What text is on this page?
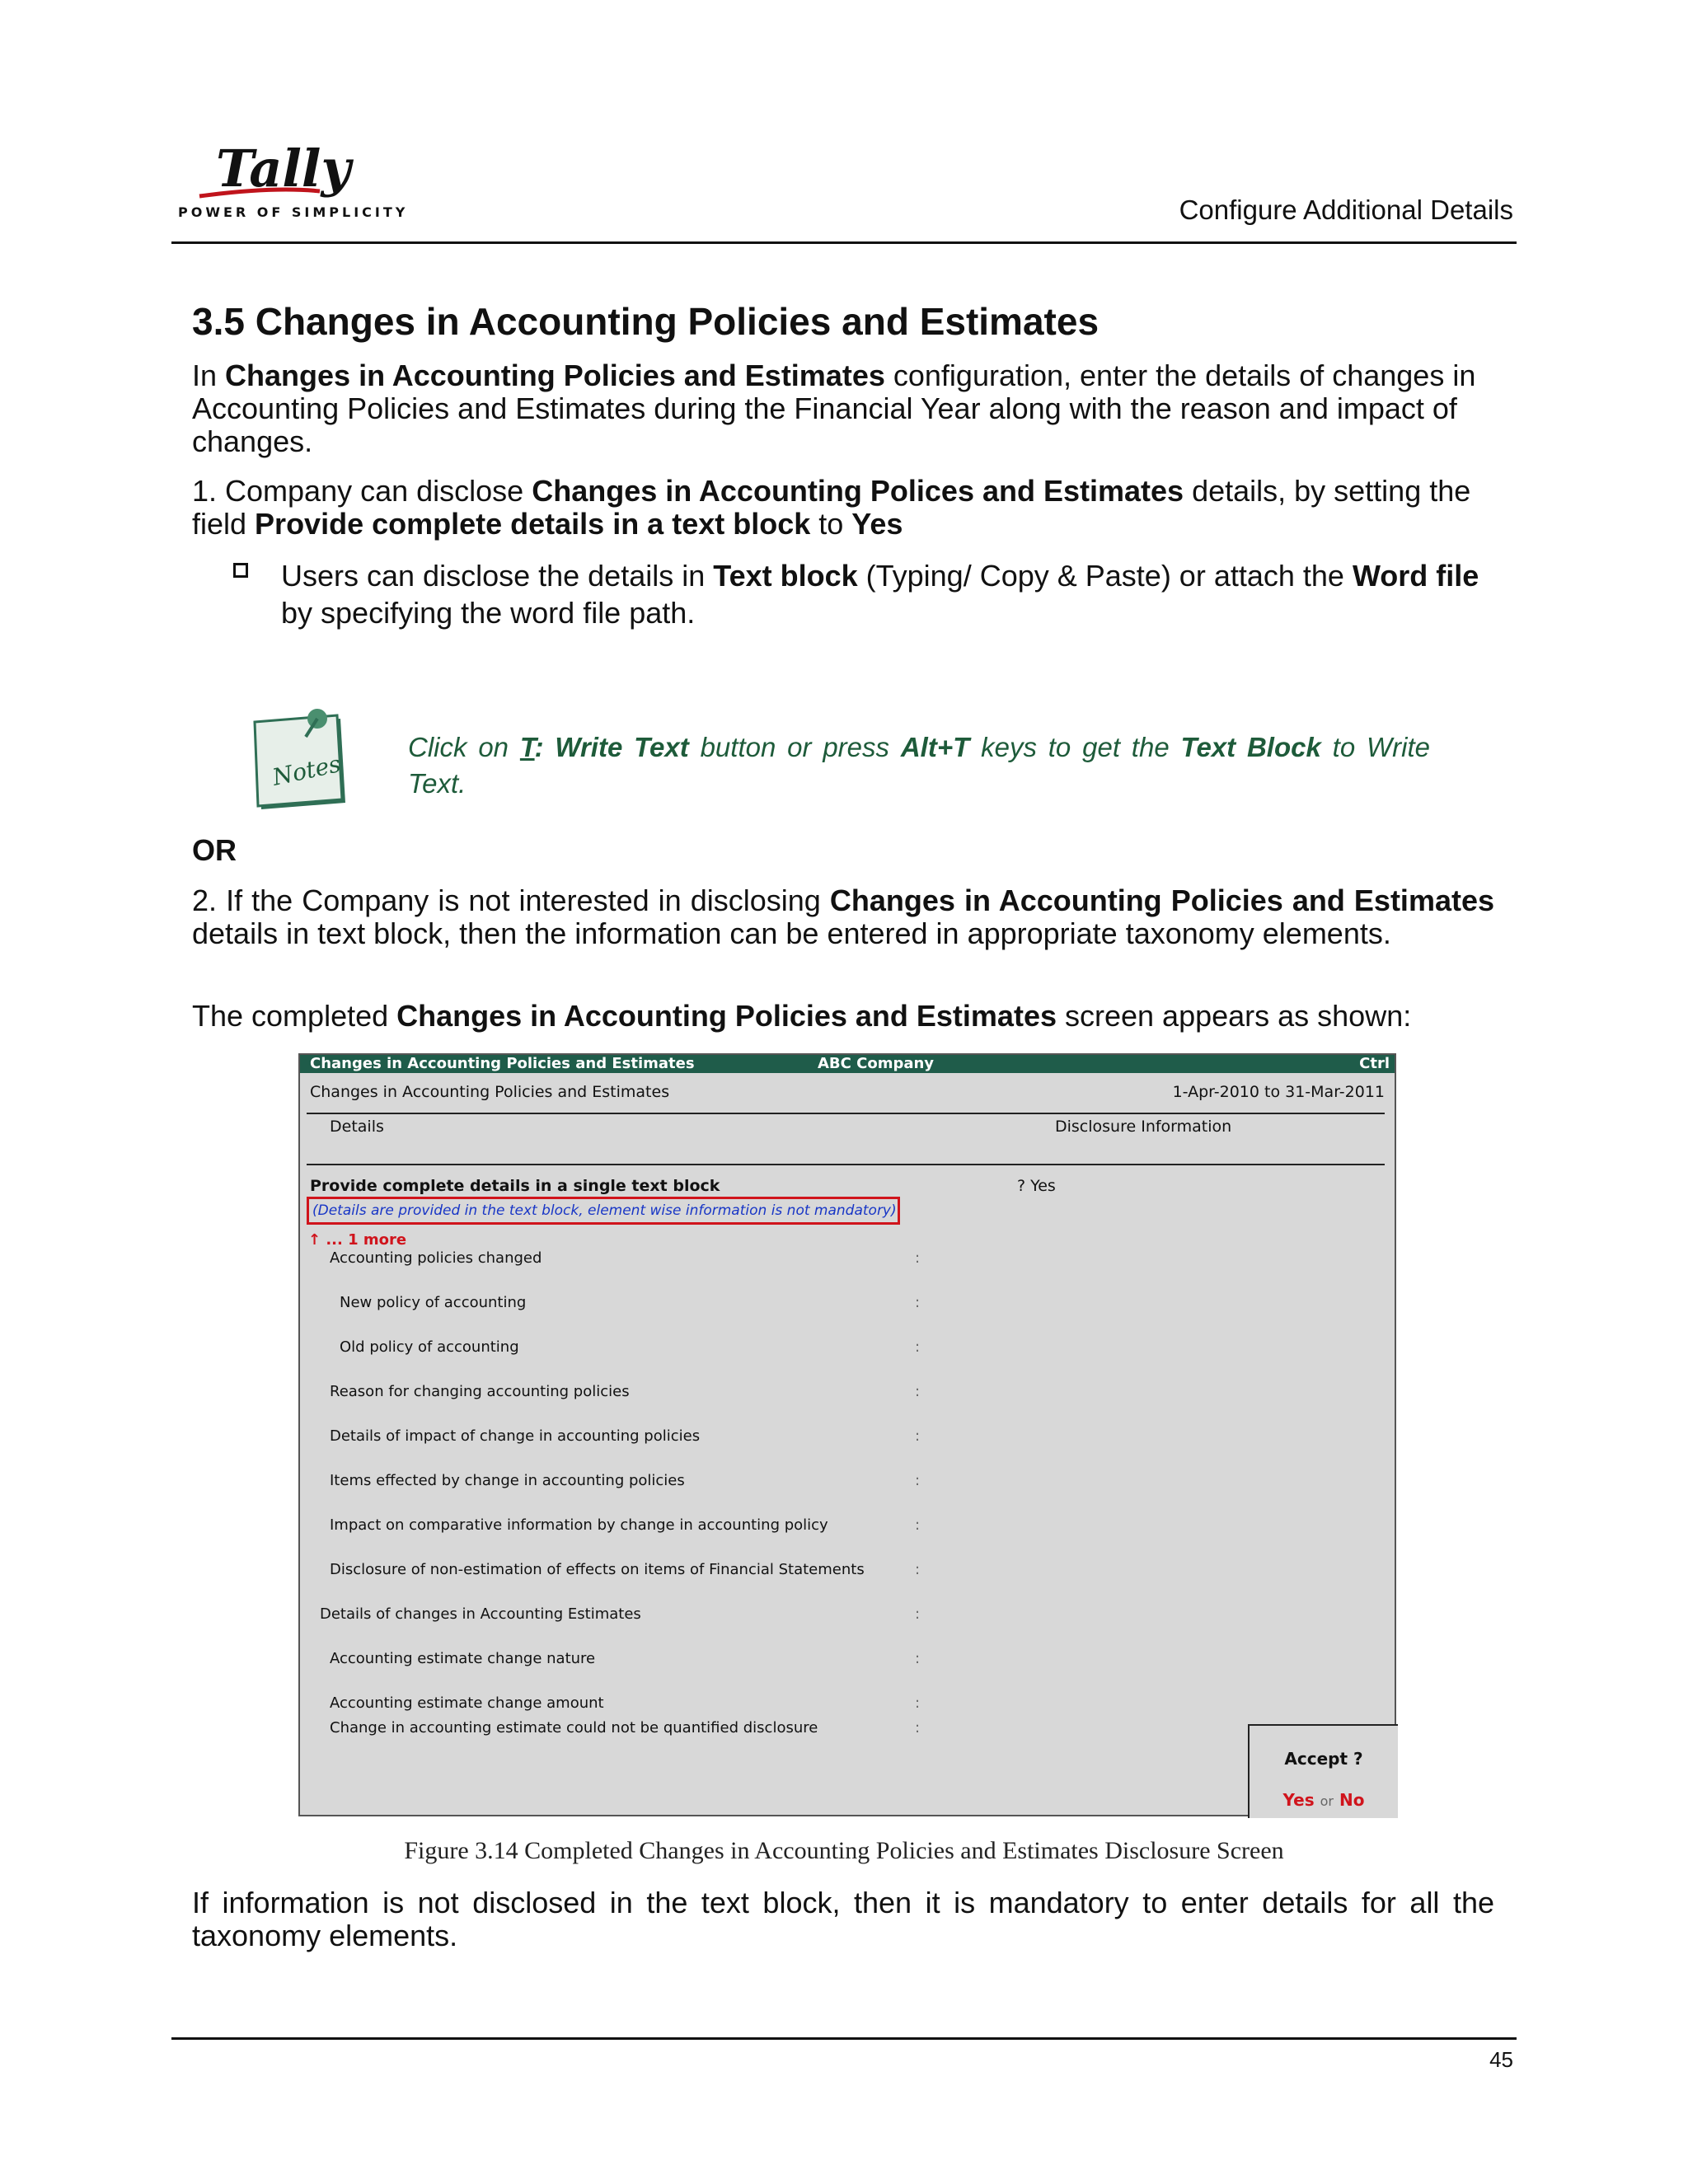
Tally
POWER OF SIMPLICITY	Configure Additional Details
3.5 Changes in Accounting Policies and Estimates

In Changes in Accounting Policies and Estimates configuration, enter the details of changes in Accounting Policies and Estimates during the Financial Year along with the reason and impact of changes.

1. Company can disclose Changes in Accounting Polices and Estimates details, by setting the field Provide complete details in a text block to Yes

Users can disclose the details in Text block (Typing/ Copy & Paste) or attach the Word file by specifying the word file path.

Notes

Click on T: Write Text button or press Alt+T keys to get the Text Block to Write Text.

OR

2. If the Company is not interested in disclosing Changes in Accounting Policies and Estimates details in text block, then the information can be entered in appropriate taxonomy elements.

The completed Changes in Accounting Policies and Estimates screen appears as shown:

Changes in Accounting Policies and Estimates	ABC Company	Ctrl
Changes in Accounting Policies and Estimates	1-Apr-2010 to 31-Mar-2011
Details	Disclosure Information
Provide complete details in a single text block	? Yes
(Details are provided in the text block, element wise information is not mandatory)
↑ ... 1 more
Accounting policies changed	:
New policy of accounting	:
Old policy of accounting	:
Reason for changing accounting policies	:
Details of impact of change in accounting policies	:
Items effected by change in accounting policies	:
Impact on comparative information by change in accounting policy	:
Disclosure of non-estimation of effects on items of Financial Statements	:
Details of changes in Accounting Estimates	:
Accounting estimate change nature	:
Accounting estimate change amount	:
Change in accounting estimate could not be quantified disclosure	:
Accept ?
Yes or No
Figure 3.14 Completed Changes in Accounting Policies and Estimates Disclosure Screen

If information is not disclosed in the text block, then it is mandatory to enter details for all the taxonomy elements.

45
